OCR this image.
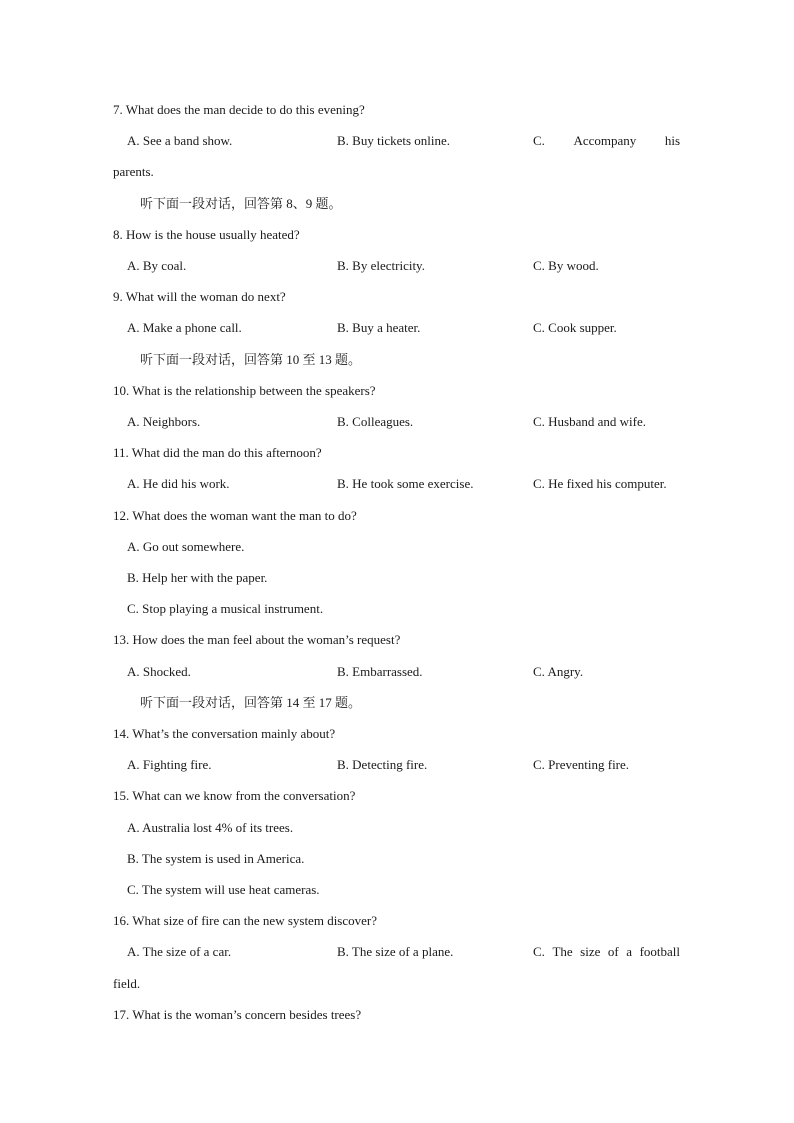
7. What does the man decide to do this evening?
A. See a band show.	B. Buy tickets online.	C. Accompany his
parents.
听下面一段对话，回答第 8、9 题。
8. How is the house usually heated?
A. By coal.	B. By electricity.	C. By wood.
9. What will the woman do next?
A. Make a phone call.	B. Buy a heater.	C. Cook supper.
听下面一段对话，回答第 10 至 13 题。
10. What is the relationship between the speakers?
A. Neighbors.	B. Colleagues.	C. Husband and wife.
11. What did the man do this afternoon?
A. He did his work.	B. He took some exercise.	C. He fixed his computer.
12. What does the woman want the man to do?
A. Go out somewhere.
B. Help her with the paper.
C. Stop playing a musical instrument.
13. How does the man feel about the woman’s request?
A. Shocked.	B. Embarrassed.	C. Angry.
听下面一段对话，回答第 14 至 17 题。
14. What’s the conversation mainly about?
A. Fighting fire.	B. Detecting fire.	C. Preventing fire.
15. What can we know from the conversation?
A. Australia lost 4% of its trees.
B. The system is used in America.
C. The system will use heat cameras.
16. What size of fire can the new system discover?
A. The size of a car.	B. The size of a plane.	C. The size of a football
field.
17. What is the woman’s concern besides trees?
